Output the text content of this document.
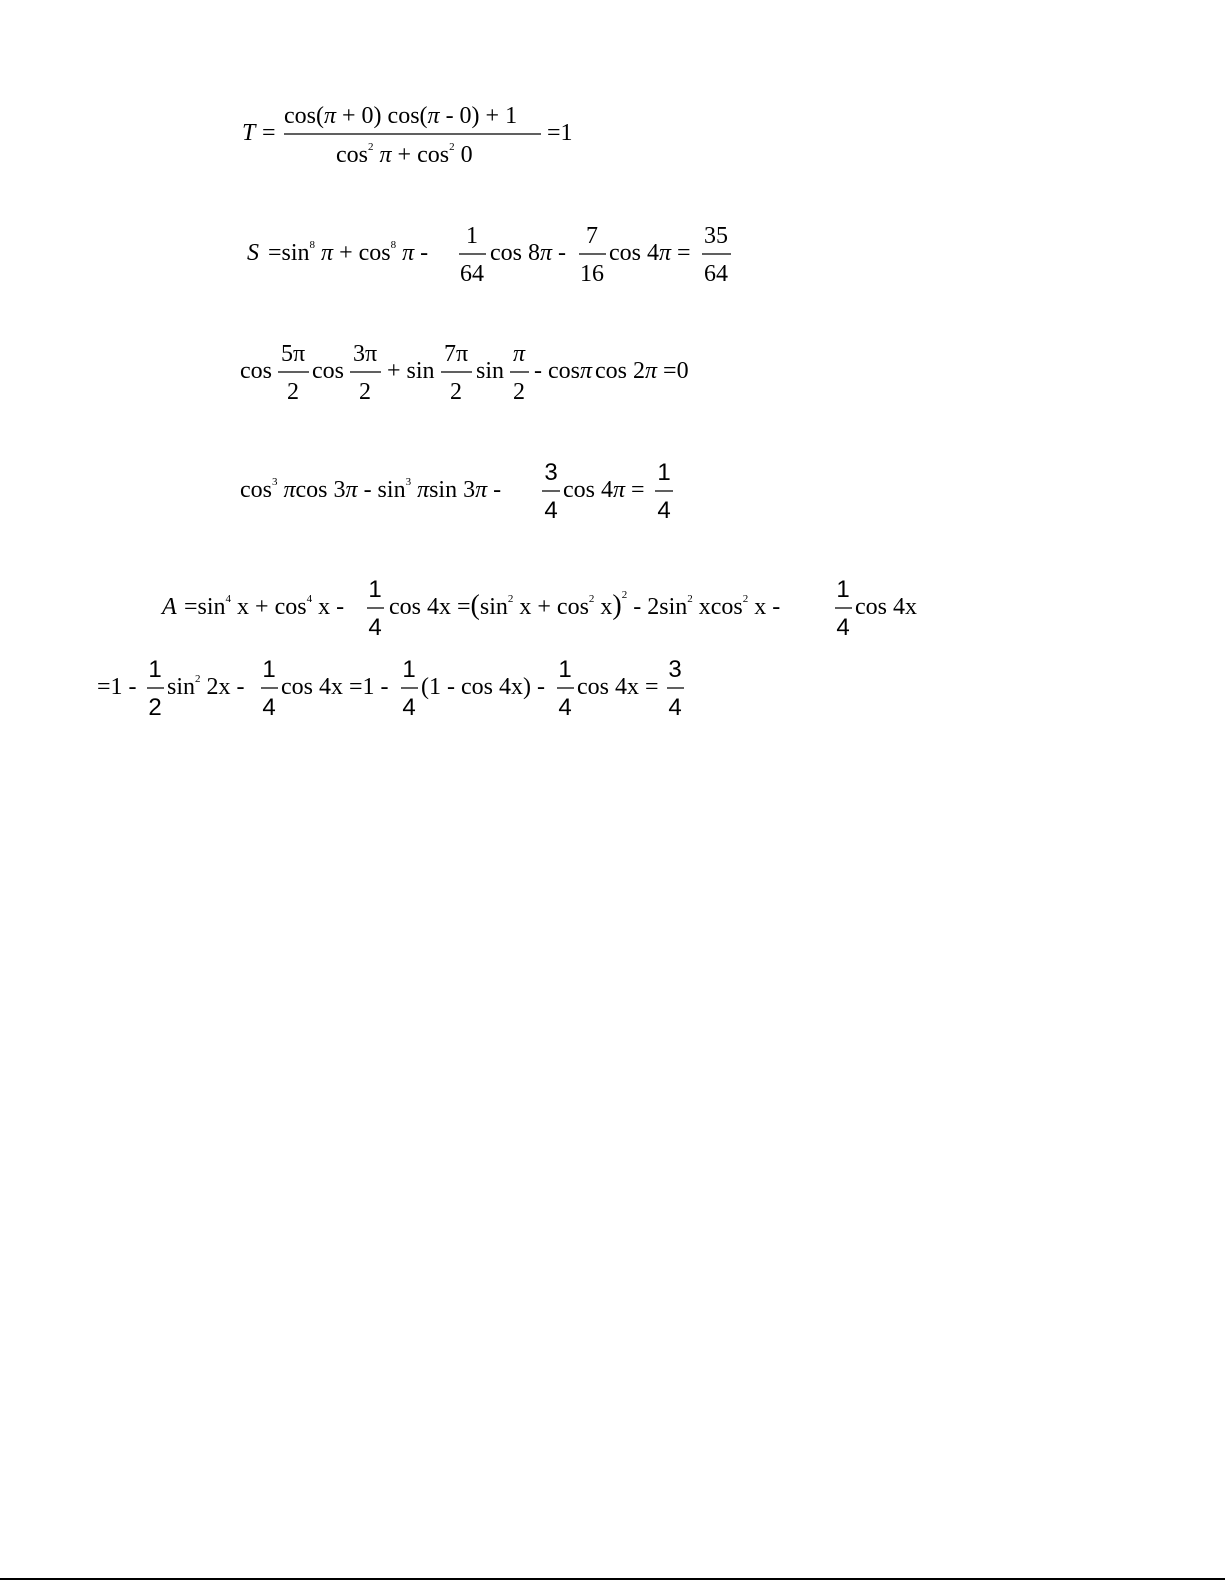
T =
cos(π + 0) cos(π - 0) + 1
$\cos^2 \pi + \cos^2 0$
=1
$S =\sin^8$ $\pi + \cos^8 \pi$ -
1
64
cos 8π -
7
16
cos 4π =
35
64
cos
5π
2
cos
3π
2
+ sin
7π
2
sin
π
2
- cosπ cos 2π =0
$\cos^3 \pi\cos$ $3\pi - \sin^3 \pi\sin$ 3π -
3
4
cos 4π =
1
4
$A =\sin^4$ $x + \cos^4 x$ -
1
4
$\cos 4x =(\sin^2$ $x + \cos^2 x)^2 - 2\sin^2$ xcos$^2$ x -
1
4
cos 4x
=1 -
1
2
$\sin^2 2x$ -
1
4
cos 4x =1 -
1
4
(1 - cos 4x) -
1
4
cos 4x =
3
4
